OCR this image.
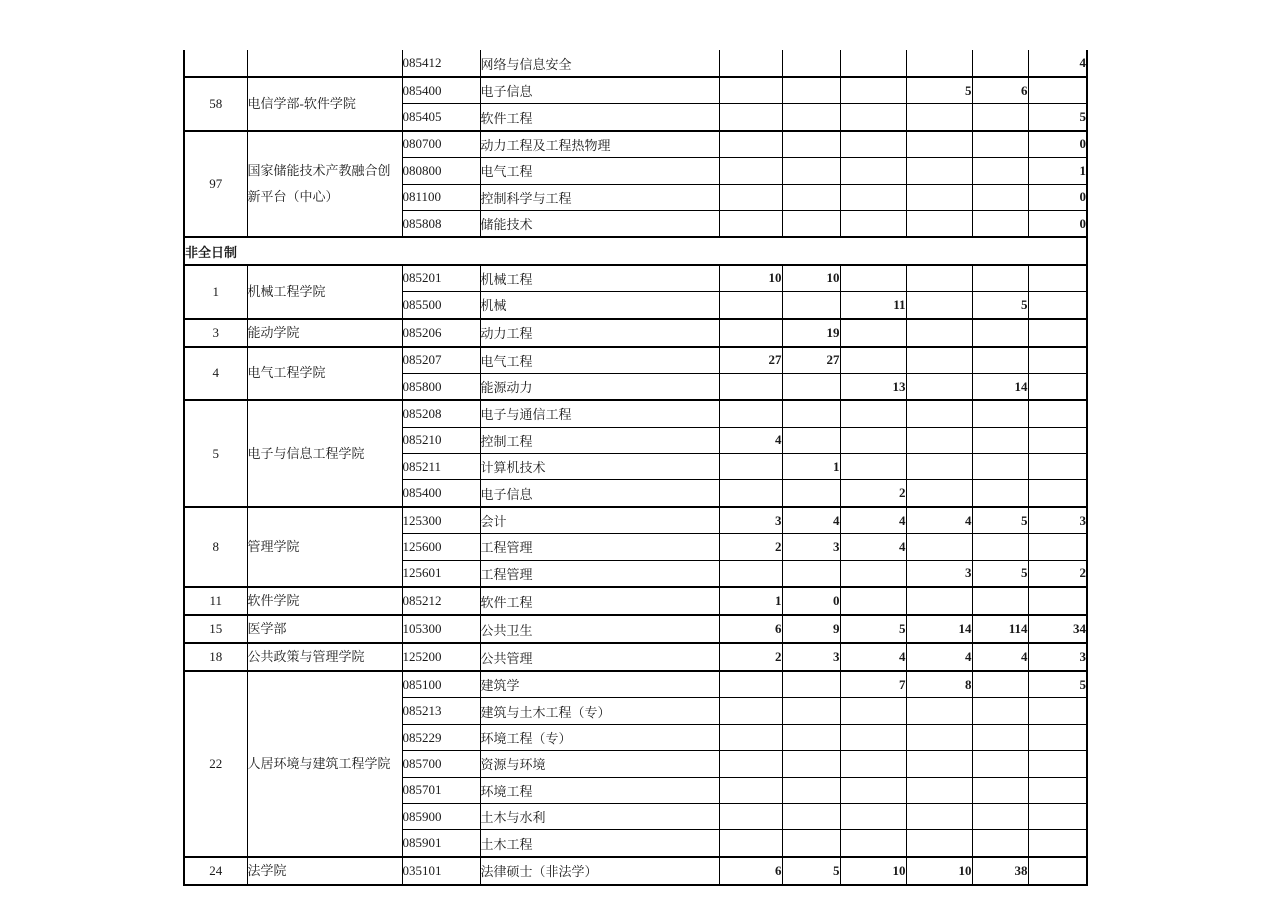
		085412	网络与信息安全						4
58	电信学部-软件学院	085400	电子信息				5	6	
		085405	软件工程						5
97	国家储能技术产教融合创新平台（中心）	080700	动力工程及工程热物理						0
		080800	电气工程						1
		081100	控制科学与工程						0
		085808	储能技术						0
非全日制									
1	机械工程学院	085201	机械工程	10	10				
		085500	机械			11		5	
3	能动学院	085206	动力工程		19				
4	电气工程学院	085207	电气工程	27	27				
		085800	能源动力			13		14	
5	电子与信息工程学院	085208	电子与通信工程						
		085210	控制工程	4					
		085211	计算机技术		1				
		085400	电子信息			2			
8	管理学院	125300	会计	3	4	4	4	5	3
		125600	工程管理	2	3	4			
		125601	工程管理				3	5	2
11	软件学院	085212	软件工程	1	0				
15	医学部	105300	公共卫生	6	9	5	14	114	34
18	公共政策与管理学院	125200	公共管理	2	3	4	4	4	3
22	人居环境与建筑工程学院	085100	建筑学			7	8		5
		085213	建筑与土木工程（专）						
		085229	环境工程（专）						
		085700	资源与环境						
		085701	环境工程						
		085900	土木与水利						
		085901	土木工程						
24	法学院	035101	法律硕士（非法学）	6	5	10	10	38	
